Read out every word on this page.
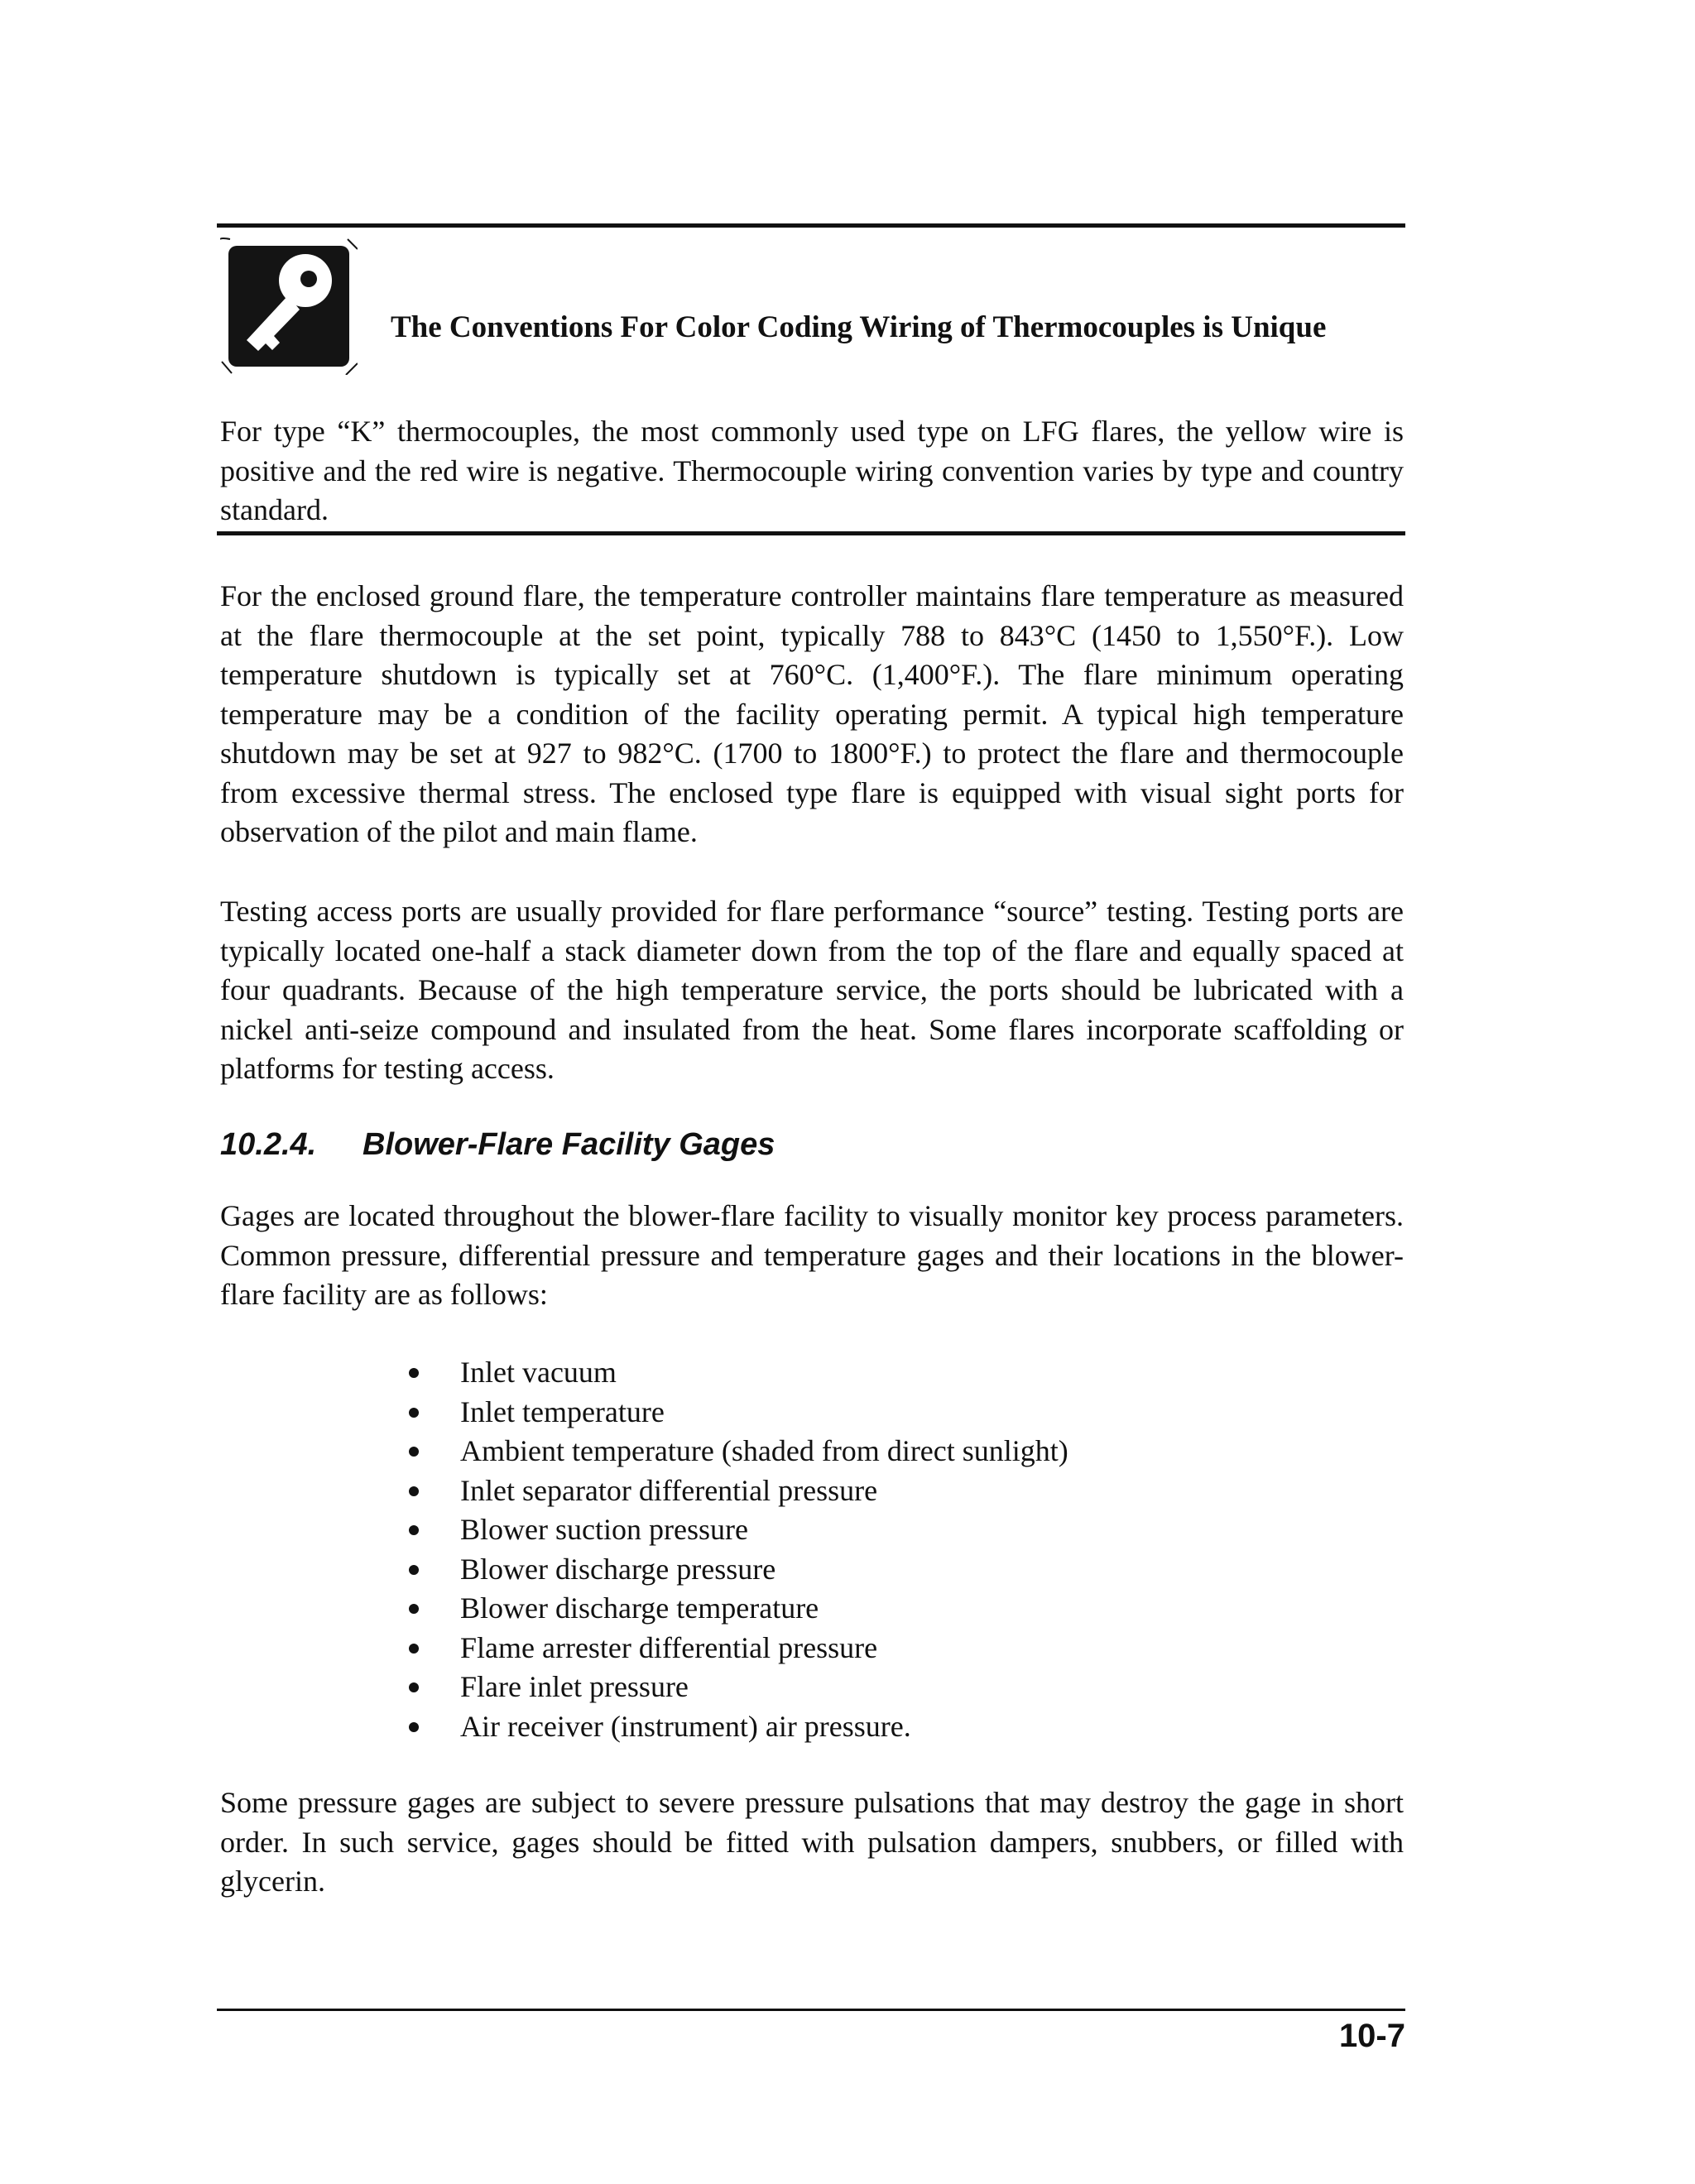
The Conventions For Color Coding Wiring of Thermocouples is Unique
For type “K” thermocouples, the most commonly used type on LFG flares, the yellow wire is positive and the red wire is negative. Thermocouple wiring convention varies by type and country standard.
For the enclosed ground flare, the temperature controller maintains flare temperature as measured at the flare thermocouple at the set point, typically 788 to 843°C (1450 to 1,550°F.). Low temperature shutdown is typically set at 760°C. (1,400°F.). The flare minimum operating temperature may be a condition of the facility operating permit. A typical high temperature shutdown may be set at 927 to 982°C. (1700 to 1800°F.) to protect the flare and thermocouple from excessive thermal stress. The enclosed type flare is equipped with visual sight ports for observation of the pilot and main flame.
Testing access ports are usually provided for flare performance “source” testing. Testing ports are typically located one-half a stack diameter down from the top of the flare and equally spaced at four quadrants. Because of the high temperature service, the ports should be lubricated with a nickel anti-seize compound and insulated from the heat. Some flares incorporate scaffolding or platforms for testing access.
10.2.4. Blower-Flare Facility Gages
Gages are located throughout the blower-flare facility to visually monitor key process parameters. Common pressure, differential pressure and temperature gages and their locations in the blower-flare facility are as follows:
Inlet vacuum
Inlet temperature
Ambient temperature (shaded from direct sunlight)
Inlet separator differential pressure
Blower suction pressure
Blower discharge pressure
Blower discharge temperature
Flame arrester differential pressure
Flare inlet pressure
Air receiver (instrument) air pressure.
Some pressure gages are subject to severe pressure pulsations that may destroy the gage in short order. In such service, gages should be fitted with pulsation dampers, snubbers, or filled with glycerin.
10-7
